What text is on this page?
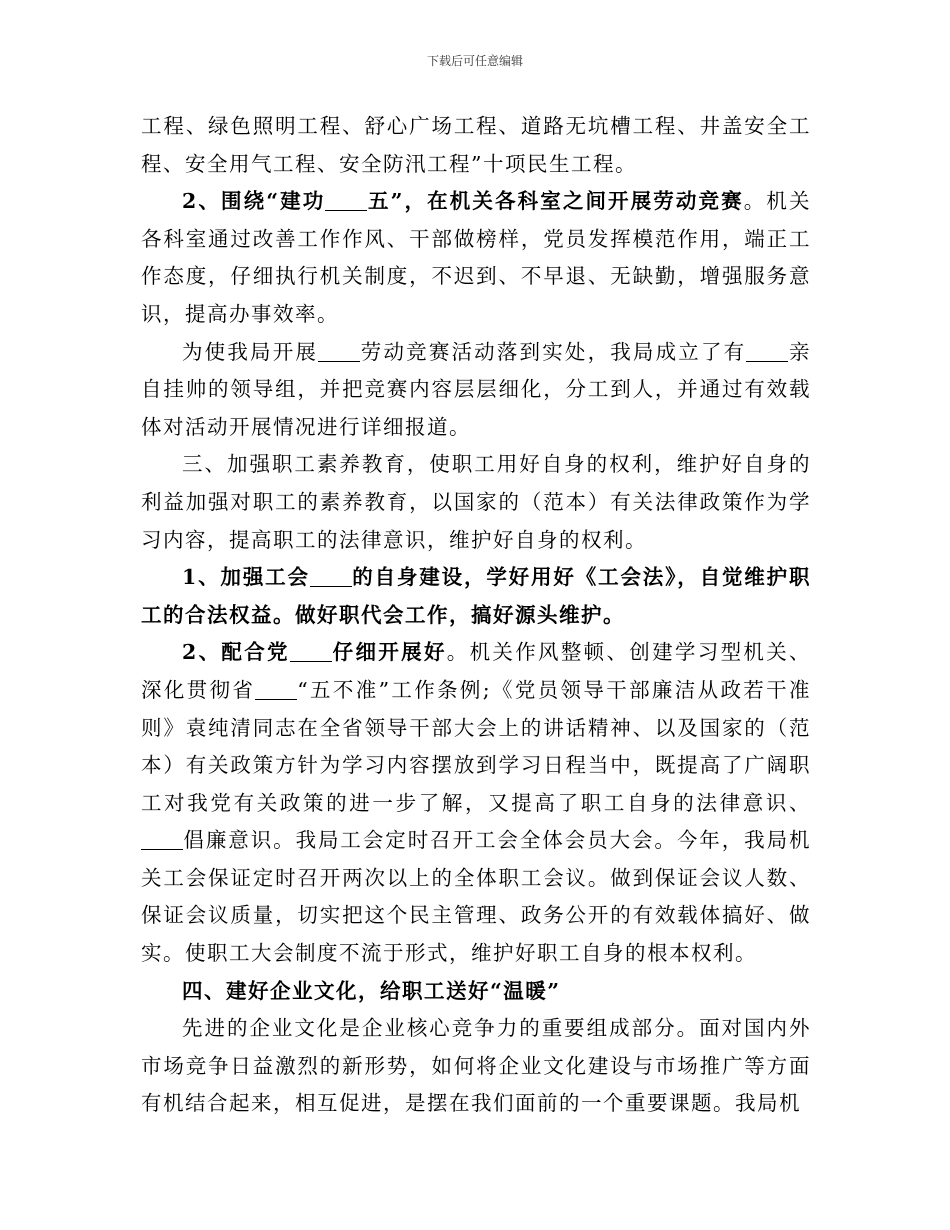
下载后可任意编辑

工程、绿色照明工程、舒心广场工程、道路无坑槽工程、井盖安全工程、安全用气工程、安全防汛工程”十项民生工程。

2、围绕“建功 五”，在机关各科室之间开展劳动竞赛。机关各科室通过改善工作作风、干部做榜样，党员发挥模范作用，端正工作态度，仔细执行机关制度，不迟到、不早退、无缺勤，增强服务意识，提高办事效率。

为使我局开展 劳动竞赛活动落到实处，我局成立了有 亲自挂帅的领导组，并把竞赛内容层层细化，分工到人，并通过有效载体对活动开展情况进行详细报道。

三、加强职工素养教育，使职工用好自身的权利，维护好自身的利益加强对职工的素养教育，以国家的（范本）有关法律政策作为学习内容，提高职工的法律意识，维护好自身的权利。

1、加强工会 的自身建设，学好用好《工会法》，自觉维护职工的合法权益。做好职代会工作，搞好源头维护。

2、配合党 仔细开展好。机关作风整顿、创建学习型机关、深化贯彻省 “五不准”工作条例;《党员领导干部廉洁从政若干准则》袁纯清同志在全省领导干部大会上的讲话精神、以及国家的（范本）有关政策方针为学习内容摆放到学习日程当中，既提高了广阔职工对我党有关政策的进一步了解，又提高了职工自身的法律意识、倡廉意识。我局工会定时召开工会全体会员大会。今年，我局机关工会保证定时召开两次以上的全体职工会议。做到保证会议人数、保证会议质量，切实把这个民主管理、政务公开的有效载体搞好、做实。使职工大会制度不流于形式，维护好职工自身的根本权利。

四、建好企业文化，给职工送好“温暖”

先进的企业文化是企业核心竞争力的重要组成部分。面对国内外市场竞争日益激烈的新形势，如何将企业文化建设与市场推广等方面有机结合起来，相互促进，是摆在我们面前的一个重要课题。我局机
